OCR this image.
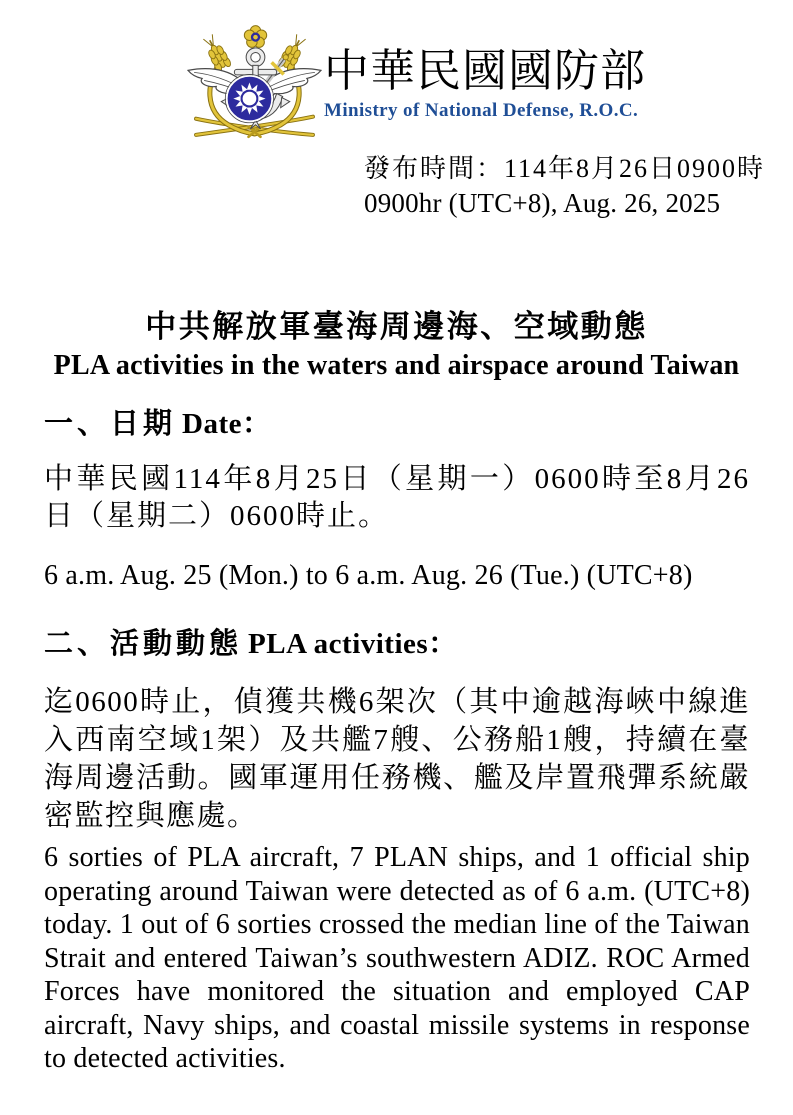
中華民國國防部
Ministry of National Defense, R.O.C.
發布時間：114年8月26日0900時
0900hr (UTC+8), Aug. 26, 2025
中共解放軍臺海周邊海、空域動態
PLA activities in the waters and airspace around Taiwan
一、日期 Date：
中華民國114年8月25日（星期一）0600時至8月26日（星期二）0600時止。
6 a.m. Aug. 25 (Mon.) to 6 a.m. Aug. 26 (Tue.) (UTC+8)
二、活動動態 PLA activities：
迄0600時止，偵獲共機6架次（其中逾越海峽中線進入西南空域1架）及共艦7艘、公務船1艘，持續在臺海周邊活動。國軍運用任務機、艦及岸置飛彈系統嚴密監控與應處。
6 sorties of PLA aircraft, 7 PLAN ships, and 1 official ship operating around Taiwan were detected as of 6 a.m. (UTC+8) today. 1 out of 6 sorties crossed the median line of the Taiwan Strait and entered Taiwan’s southwestern ADIZ. ROC Armed Forces have monitored the situation and employed CAP aircraft, Navy ships, and coastal missile systems in response to detected activities.
